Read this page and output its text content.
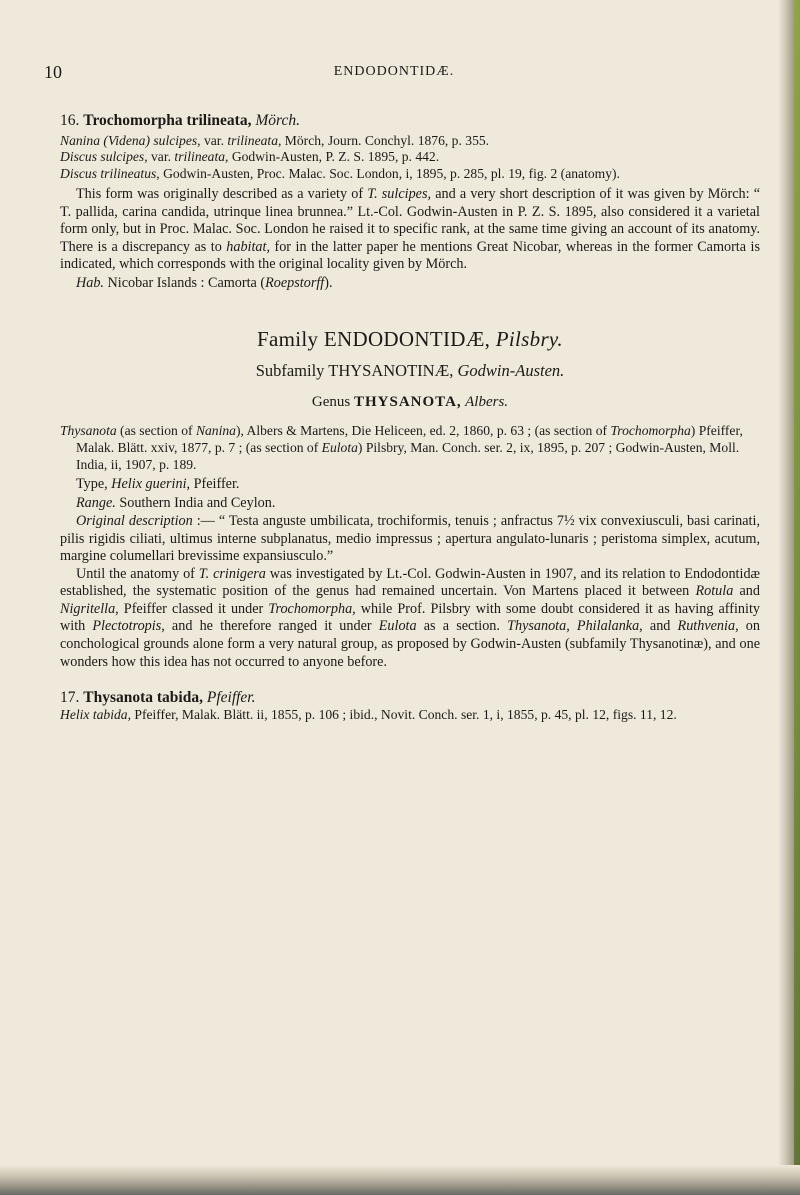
10	ENDODONTIDÆ.

16. Trochomorpha trilineata, Mörch.

Nanina (Videna) sulcipes, var. trilineata, Mörch, Journ. Conchyl. 1876, p. 355.

Discus sulcipes, var. trilineata, Godwin-Austen, P. Z. S. 1895, p. 442.

Discus trilineatus, Godwin-Austen, Proc. Malac. Soc. London, i, 1895, p. 285, pl. 19, fig. 2 (anatomy).

This form was originally described as a variety of T. sulcipes, and a very short description of it was given by Mörch: “ T. pallida, carina candida, utrinque linea brunnea.” Lt.-Col. Godwin-Austen in P. Z. S. 1895, also considered it a varietal form only, but in Proc. Malac. Soc. London he raised it to specific rank, at the same time giving an account of its anatomy. There is a discrepancy as to habitat, for in the latter paper he mentions Great Nicobar, whereas in the former Camorta is indicated, which corresponds with the original locality given by Mörch.

Hab. Nicobar Islands : Camorta (Roepstorff).

Family ENDODONTIDÆ, Pilsbry.

Subfamily THYSANOTINÆ, Godwin-Austen.

Genus THYSANOTA, Albers.

Thysanota (as section of Nanina), Albers & Martens, Die Heliceen, ed. 2, 1860, p. 63 ; (as section of Trochomorpha) Pfeiffer, Malak. Blätt. xxiv, 1877, p. 7 ; (as section of Eulota) Pilsbry, Man. Conch. ser. 2, ix, 1895, p. 207 ; Godwin-Austen, Moll. India, ii, 1907, p. 189.

Type, Helix guerini, Pfeiffer.

Range. Southern India and Ceylon.

Original description :— “ Testa anguste umbilicata, trochiformis, tenuis ; anfractus 7½ vix convexiusculi, basi carinati, pilis rigidis ciliati, ultimus interne subplanatus, medio impressus ; apertura angulato-lunaris ; peristoma simplex, acutum, margine columellari brevissime expansiusculo.”

Until the anatomy of T. crinigera was investigated by Lt.-Col. Godwin-Austen in 1907, and its relation to Endodontidæ established, the systematic position of the genus had remained uncertain. Von Martens placed it between Rotula and Nigritella, Pfeiffer classed it under Trochomorpha, while Prof. Pilsbry with some doubt considered it as having affinity with Plectotropis, and he therefore ranged it under Eulota as a section. Thysanota, Philalanka, and Ruthvenia, on conchological grounds alone form a very natural group, as proposed by Godwin-Austen (subfamily Thysanotinæ), and one wonders how this idea has not occurred to anyone before.

17. Thysanota tabida, Pfeiffer.

Helix tabida, Pfeiffer, Malak. Blätt. ii, 1855, p. 106 ; ibid., Novit. Conch. ser. 1, i, 1855, p. 45, pl. 12, figs. 11, 12.
